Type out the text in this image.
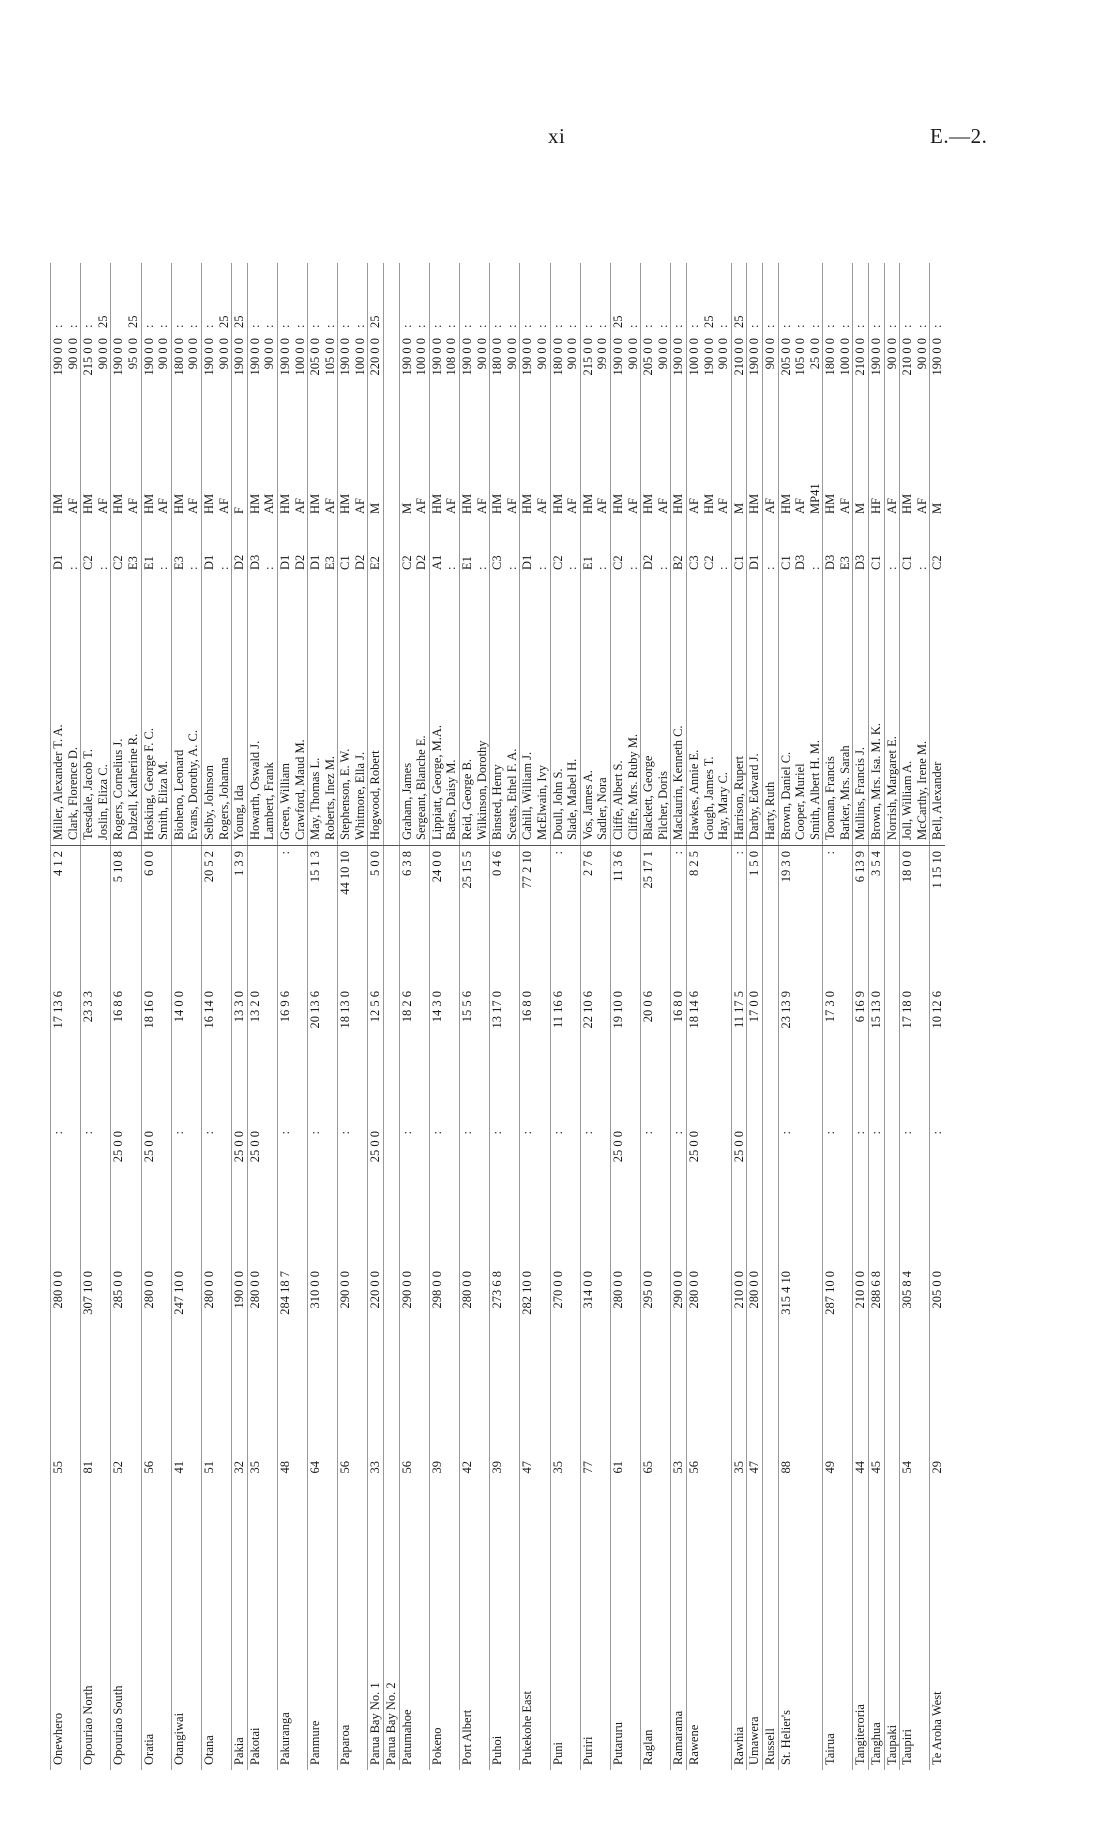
xi	E.—2.
Onewhero	55	280 0 0	:	17 13 6	4 1 2	Miller, Alexander T. A.	D1	HM	190 0 0	:
						Clark, Florence D.	:	AF	90 0 0	:
Opouriao North	81	307 10 0	:	23 3 3		Teesdale, Jacob T.	C2	HM	215 0 0	:
						Joslin, Eliza C.	:	AF	90 0 0	25
Opouriao South	52	285 0 0	25 0 0	16 8 6	5 10 8	Rogers, Cornelius J.	C2	HM	190 0 0	
						Dalzell, Katherine R.	E3	AF	95 0 0	25
Oratia	56	280 0 0	25 0 0	18 16 0	6 0 0	Hosking, George F. C.	E1	HM	190 0 0	:
						Smith, Eliza M.	:	AF	90 0 0	:
Otangiwai	41	247 10 0	:	14 0 0		Bioheno, Leonard	E3	HM	180 0 0	:
						Evans, Dorothy, A. C.	:	AF	90 0 0	:
Otana	51	280 0 0	:	16 14 0	20 5 2	Selby, Johnson	D1	HM	190 0 0	:
						Rogers, Johanna	:	AF	90 0 0	25
Pakia	32	190 0 0	25 0 0	13 3 0	1 3 9	Young, Ida	D2	F	190 0 0	25
Pakotai	35	280 0 0	25 0 0	13 2 0		Howarth, Oswald J.	D3	HM	190 0 0	:
						Lambert, Frank	:	AM	90 0 0	:
Pakuranga	48	284 18 7	:	16 9 6	:	Green, William	D1	HM	190 0 0	:
						Crawford, Maud M.	D2	AF	100 0 0	:
Panmure	64	310 0 0	:	20 13 6	15 1 3	May, Thomas L.	D1	HM	205 0 0	:
						Roberts, Inez M.	E3	AF	105 0 0	:
Paparoa	56	290 0 0	:	18 13 0	44 10 10	Stephenson, E. W.	C1	HM	190 0 0	:
						Whitmore, Ella J.	D2	AF	100 0 0	:
Parua Bay No. 1	33	220 0 0	25 0 0	12 5 6	5 0 0	Hogwood, Robert	E2	M	220 0 0	25
Parua Bay No. 2										
Patumahoe	56	290 0 0	:	18 2 6	6 3 8	Graham, James	C2	M	190 0 0	:
						Sergeant, Blanche E.	D2	AF	100 0 0	:
Pokeno	39	298 0 0	:	14 3 0	24 0 0	Lippiatt, George, M.A.	A1	HM	190 0 0	:
						Bates, Daisy M.	:	AF	108 0 0	:
Port Albert	42	280 0 0	:	15 5 6	25 15 5	Reid, George B.	E1	HM	190 0 0	:
						Wilkinson, Dorothy	:	AF	90 0 0	:
Puhoi	39	273 6 8	:	13 17 0	0 4 6	Binsted, Henry	C3	HM	180 0 0	:
						Sceats, Ethel F. A.	:	AF	90 0 0	:
Pukekohe East	47	282 10 0	:	16 8 0	77 2 10	Cahill, William J.	D1	HM	190 0 0	:
						McElwain, Ivy	:	AF	90 0 0	:
Puni	35	270 0 0	:	11 16 6	:	Doull, John S.	C2	HM	180 0 0	:
						Slade, Mabel H.	:	AF	90 0 0	:
Puriri	77	314 0 0	:	22 10 6	2 7 6	Vos, James A.	E1	HM	215 0 0	:
						Sadler, Nora	:	AF	99 0 0	:
Putaruru	61	280 0 0	25 0 0	19 10 0	11 3 6	Cliffe, Albert S.	C2	HM	190 0 0	25
						Cliffe, Mrs. Ruby M.	:	AF	90 0 0	:
Raglan	65	295 0 0	:	20 0 6	25 17 1	Blackett, George	D2	HM	205 0 0	:
						Pilcher, Doris	:	AF	90 0 0	:
Ramarama	53	290 0 0	:	16 8 0	:	Maclaurin, Kenneth C.	B2	HM	190 0 0	:
Rawene	56	280 0 0	25 0 0	18 14 6	8 2 5	Hawkes, Annie E.	C3	AF	100 0 0	:
						Gough, James T.	C2	HM	190 0 0	25
						Hay, Mary C.	:	AF	90 0 0	:
Rawhia	35	210 0 0	25 0 0	11 17 5	:	Harrison, Rupert	C1	M	210 0 0	25
Umawera	47	280 0 0		17 0 0	1 5 0	Darby, Edward J.	D1	HM	190 0 0	:
Russell						Harty, Ruth	:	AF	90 0 0	:
St. Helier's	88	315 4 10	:	23 13 9	19 3 0	Brown, Daniel C.	C1	HM	205 0 0	:
						Cooper, Muriel	D3	AF	105 0 0	:
						Smith, Albert H. M.	:	MP41	25 0 0	:
Tairua	49	287 10 0	:	17 3 0	:	Tooman, Francis	D3	HM	180 0 0	:
						Barker, Mrs. Sarah	E3	AF	100 0 0	:
Tangiteroria	44	210 0 0	:	6 16 9	6 13 9	Mullins, Francis J.	D3	M	210 0 0	:
Tanghua	45	288 6 8	:	15 13 0	3 5 4	Brown, Mrs. Isa. M. K.	C1	HF	190 0 0	:
Taupaki						Norrish, Margaret E.	:	AF	90 0 0	:
Taupiri	54	305 8 4	:	17 18 0	18 0 0	Joll, William A.	C1	HM	210 0 0	:
						McCarthy, Irene M.	:	AF	90 0 0	:
Te Aroha West	29	205 0 0	:	10 12 6	1 15 10	Bell, Alexander	C2	M	190 0 0	:
